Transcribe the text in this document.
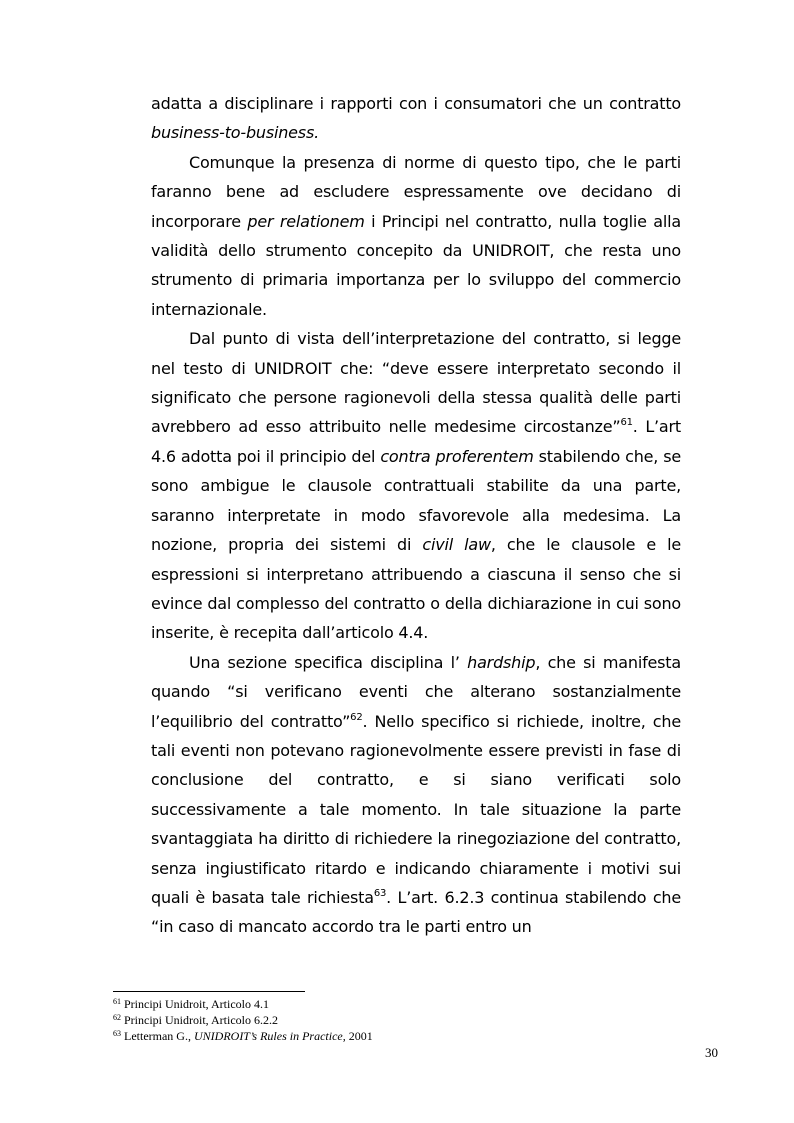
adatta a disciplinare i rapporti con i consumatori che un contratto business-to-business.

Comunque la presenza di norme di questo tipo, che le parti faranno bene ad escludere espressamente ove decidano di incorporare per relationem i Principi nel contratto, nulla toglie alla validità dello strumento concepito da UNIDROIT, che resta uno strumento di primaria importanza per lo sviluppo del commercio internazionale.

Dal punto di vista dell’interpretazione del contratto, si legge nel testo di UNIDROIT che: “deve essere interpretato secondo il significato che persone ragionevoli della stessa qualità delle parti avrebbero ad esso attribuito nelle medesime circostanze”$^{61}$. L’art 4.6 adotta poi il principio del contra proferentem stabilendo che, se sono ambigue le clausole contrattuali stabilite da una parte, saranno interpretate in modo sfavorevole alla medesima. La nozione, propria dei sistemi di civil law, che le clausole e le espressioni si interpretano attribuendo a ciascuna il senso che si evince dal complesso del contratto o della dichiarazione in cui sono inserite, è recepita dall’articolo 4.4.

Una sezione specifica disciplina l’ hardship, che si manifesta quando “si verificano eventi che alterano sostanzialmente l’equilibrio del contratto”$^{62}$. Nello specifico si richiede, inoltre, che tali eventi non potevano ragionevolmente essere previsti in fase di conclusione del contratto, e si siano verificati solo successivamente a tale momento. In tale situazione la parte svantaggiata ha diritto di richiedere la rinegoziazione del contratto, senza ingiustificato ritardo e indicando chiaramente i motivi sui quali è basata tale richiesta$^{63}$. L’art. 6.2.3 continua stabilendo che “in caso di mancato accordo tra le parti entro un

$^{61}$ Principi Unidroit, Articolo 4.1

$^{62}$ Principi Unidroit, Articolo 6.2.2

$^{63}$ Letterman G., UNIDROIT’s Rules in Practice, 2001

30
